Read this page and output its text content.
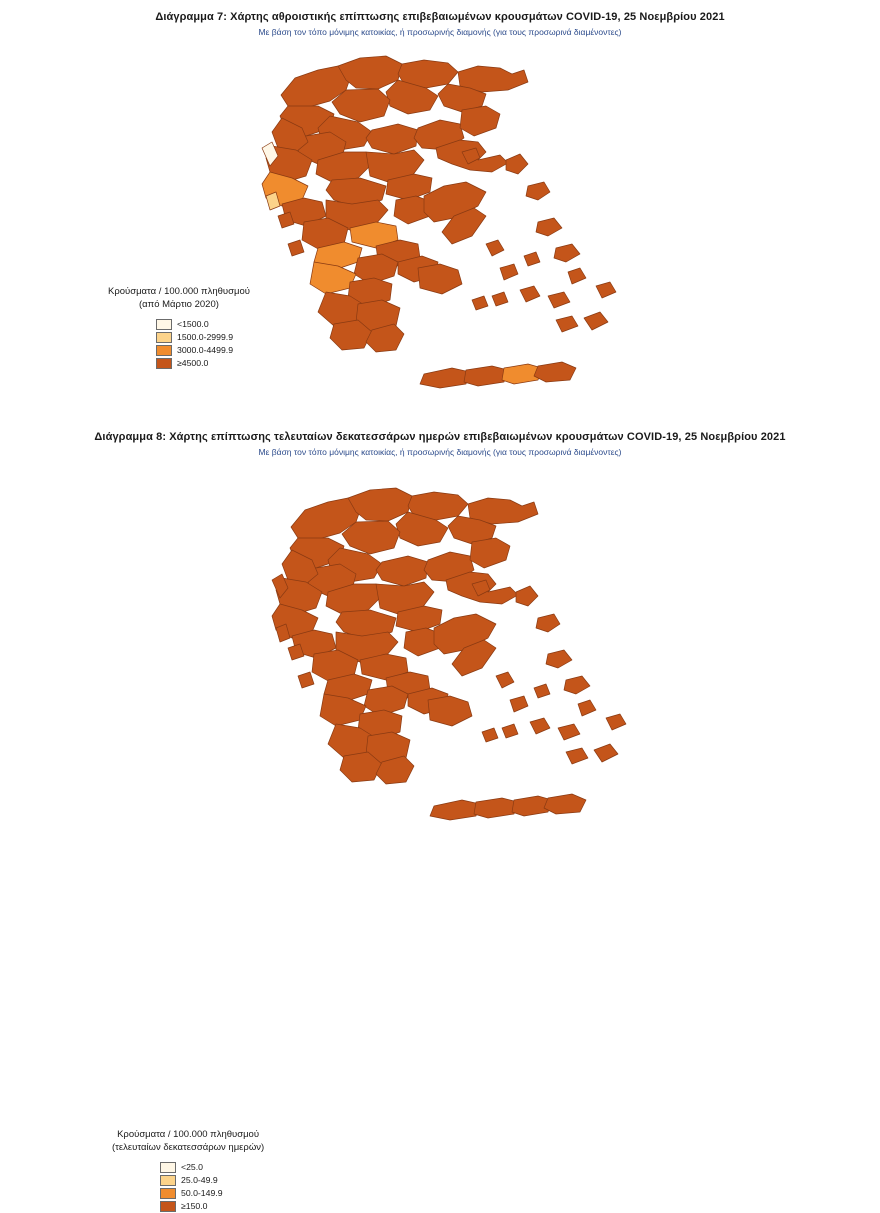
Διάγραμμα 7: Χάρτης αθροιστικής επίπτωσης επιβεβαιωμένων κρουσμάτων COVID-19, 25 Νοεμβρίου 2021
Με βάση τον τόπο μόνιμης κατοικίας, ή προσωρινής διαμονής (για τους προσωρινά διαμένοντες)
Κρούσματα / 100.000 πληθυσμού
(από Μάρτιο 2020)
<1500.0
1500.0-2999.9
3000.0-4499.9
≥4500.0
Διάγραμμα 8: Χάρτης επίπτωσης τελευταίων δεκατεσσάρων ημερών επιβεβαιωμένων κρουσμάτων COVID-19, 25 Νοεμβρίου 2021
Με βάση τον τόπο μόνιμης κατοικίας, ή προσωρινής διαμονής (για τους προσωρινά διαμένοντες)
Κρούσματα / 100.000 πληθυσμού
(τελευταίων δεκατεσσάρων ημερών)
<25.0
25.0-49.9
50.0-149.9
≥150.0
